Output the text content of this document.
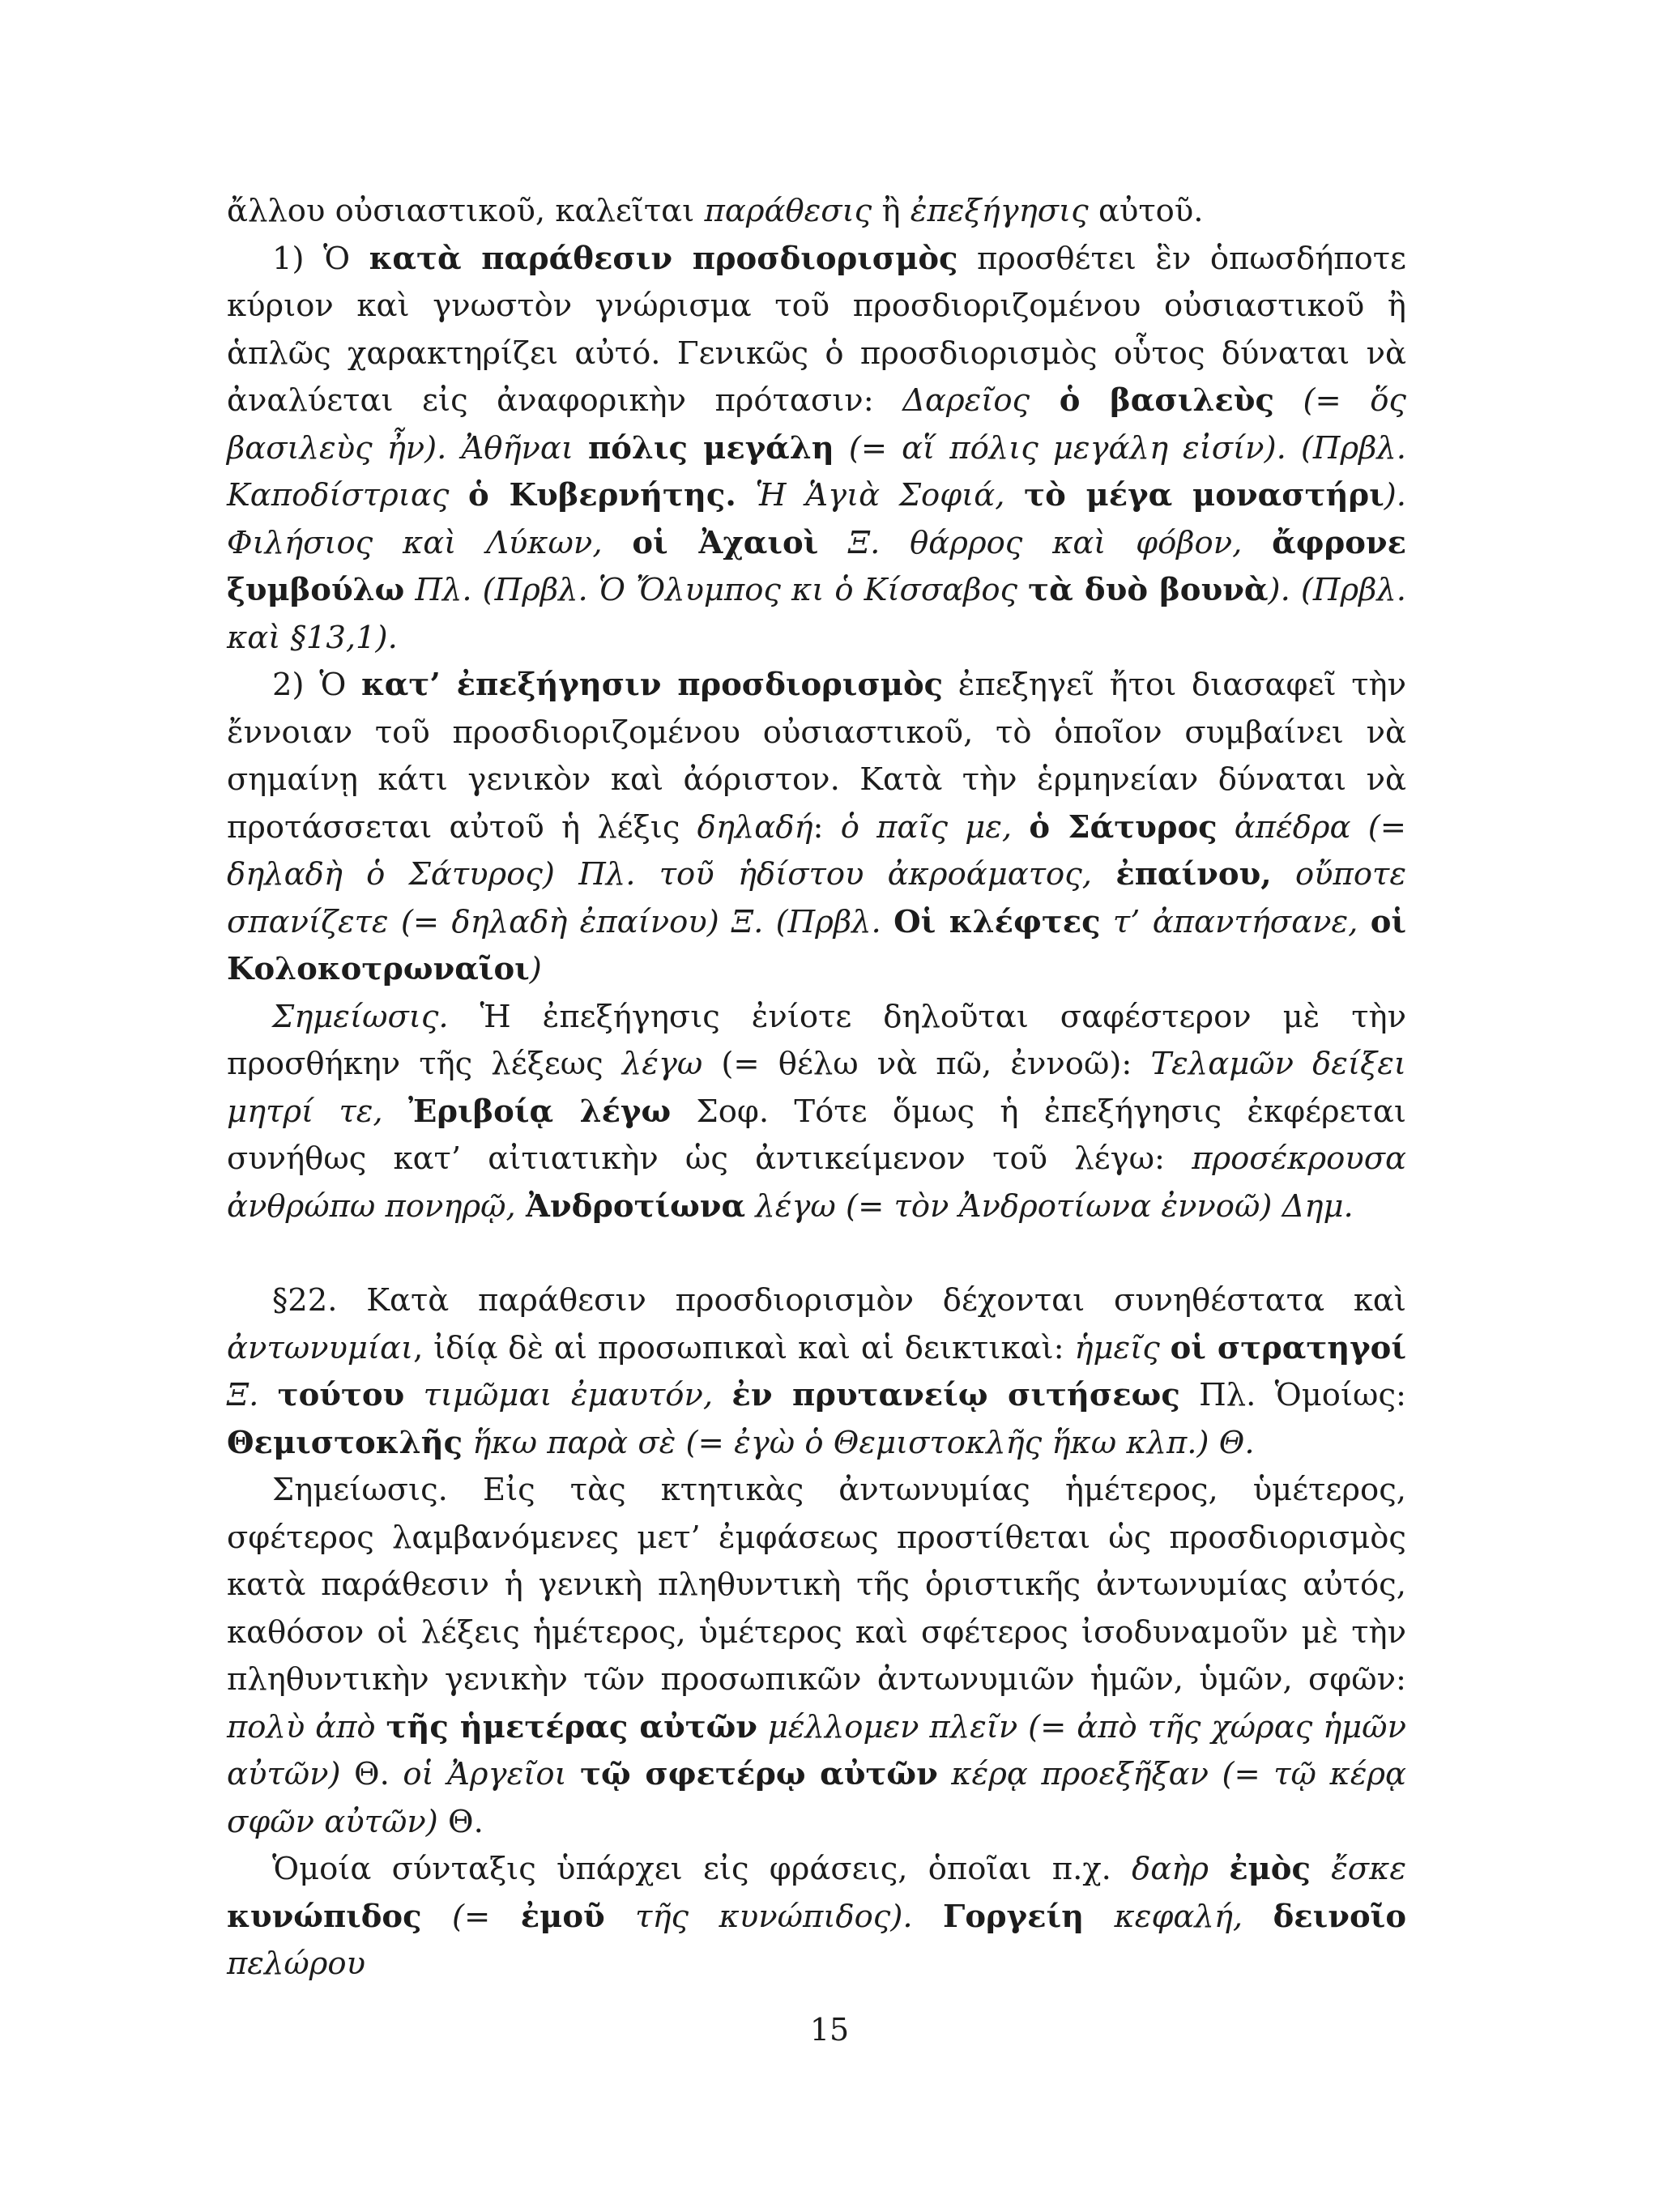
ἄλλου οὐσιαστικοῦ, καλεῖται παράθεσις ἢ ἐπεξήγησις αὐτοῦ.

1) Ὁ κατὰ παράθεσιν προσδιορισμὸς προσθέτει ἓν ὁπωσδήποτε κύριον καὶ γνωστὸν γνώρισμα τοῦ προσδιοριζομένου οὐσιαστικοῦ ἢ ἁπλῶς χαρακτηρίζει αὐτό. Γενικῶς ὁ προσδιορισμὸς οὗτος δύναται νὰ ἀναλύεται εἰς ἀναφορικὴν πρότασιν: Δαρεῖος ὁ βασιλεὺς (= ὅς βασιλεὺς ἦν). Ἀθῆναι πόλις μεγάλη (= αἵ πόλις μεγάλη εἰσίν). (Πρβλ. Καποδίστριας ὁ Κυβερνήτης. Ἡ Ἁγιὰ Σοφιά, τὸ μέγα μοναστήρι). Φιλήσιος καὶ Λύκων, οἱ Ἀχαιοὶ Ξ. θάρρος καὶ φόβον, ἄφρονε ξυμβούλω Πλ. (Πρβλ. Ὁ Ὄλυμπος κι ὁ Κίσσαβος τὰ δυὸ βουνὰ). (Πρβλ. καὶ §13,1).

2) Ὁ κατ’ ἐπεξήγησιν προσδιορισμὸς ἐπεξηγεῖ ἤτοι διασαφεῖ τὴν ἔννοιαν τοῦ προσδιοριζομένου οὐσιαστικοῦ, τὸ ὁποῖον συμβαίνει νὰ σημαίνῃ κάτι γενικὸν καὶ ἀόριστον. Κατὰ τὴν ἑρμηνείαν δύναται νὰ προτάσσεται αὐτοῦ ἡ λέξις δηλαδή: ὁ παῖς με, ὁ Σάτυρος ἀπέδρα (= δηλαδὴ ὁ Σάτυρος) Πλ. τοῦ ἡδίστου ἀκροάματος, ἐπαίνου, οὔποτε σπανίζετε (= δηλαδὴ ἐπαίνου) Ξ. (Πρβλ. Οἱ κλέφτες τ’ ἀπαντήσανε, οἱ Κολοκοτρωναῖοι)

Σημείωσις. Ἡ ἐπεξήγησις ἐνίοτε δηλοῦται σαφέστερον μὲ τὴν προσθήκην τῆς λέξεως λέγω (= θέλω νὰ πῶ, ἐννοῶ): Τελαμῶν δείξει μητρί τε, Ἐριβοίᾳ λέγω Σοφ. Τότε ὅμως ἡ ἐπεξήγησις ἐκφέρεται συνήθως κατ’ αἰτιατικὴν ὡς ἀντικείμενον τοῦ λέγω: προσέκρουσα ἀνθρώπω πονηρῷ, Ἀνδροτίωνα λέγω (= τὸν Ἀνδροτίωνα ἐννοῶ) Δημ.

§22. Κατὰ παράθεσιν προσδιορισμὸν δέχονται συνηθέστατα καὶ ἀντωνυμίαι, ἰδίᾳ δὲ αἱ προσωπικαὶ καὶ αἱ δεικτικαὶ: ἡμεῖς οἱ στρατηγοί Ξ. τούτου τιμῶμαι ἐμαυτόν, ἐν πρυτανείῳ σιτήσεως Πλ. Ὁμοίως: Θεμιστοκλῆς ἥκω παρὰ σὲ (= ἐγὼ ὁ Θεμιστοκλῆς ἥκω κλπ.) Θ.

Σημείωσις. Εἰς τὰς κτητικὰς ἀντωνυμίας ἡμέτερος, ὑμέτερος, σφέτερος λαμβανόμενες μετ’ ἐμφάσεως προστίθεται ὡς προσδιορισμὸς κατὰ παράθεσιν ἡ γενικὴ πληθυντικὴ τῆς ὁριστικῆς ἀντωνυμίας αὐτός, καθόσον οἱ λέξεις ἡμέτερος, ὑμέτερος καὶ σφέτερος ἰσοδυναμοῦν μὲ τὴν πληθυντικὴν γενικὴν τῶν προσωπικῶν ἀντωνυμιῶν ἡμῶν, ὑμῶν, σφῶν: πολὺ ἀπὸ τῆς ἡμετέρας αὐτῶν μέλλομεν πλεῖν (= ἀπὸ τῆς χώρας ἡμῶν αὐτῶν) Θ. οἱ Ἀργεῖοι τῷ σφετέρῳ αὐτῶν κέρᾳ προεξῆξαν (= τῷ κέρᾳ σφῶν αὐτῶν) Θ.

Ὁμοία σύνταξις ὑπάρχει εἰς φράσεις, ὁποῖαι π.χ. δαὴρ ἐμὸς ἔσκε κυνώπιδος (= ἐμοῦ τῆς κυνώπιδος). Γοργείη κεφαλή, δεινοῖο πελώρου

15
